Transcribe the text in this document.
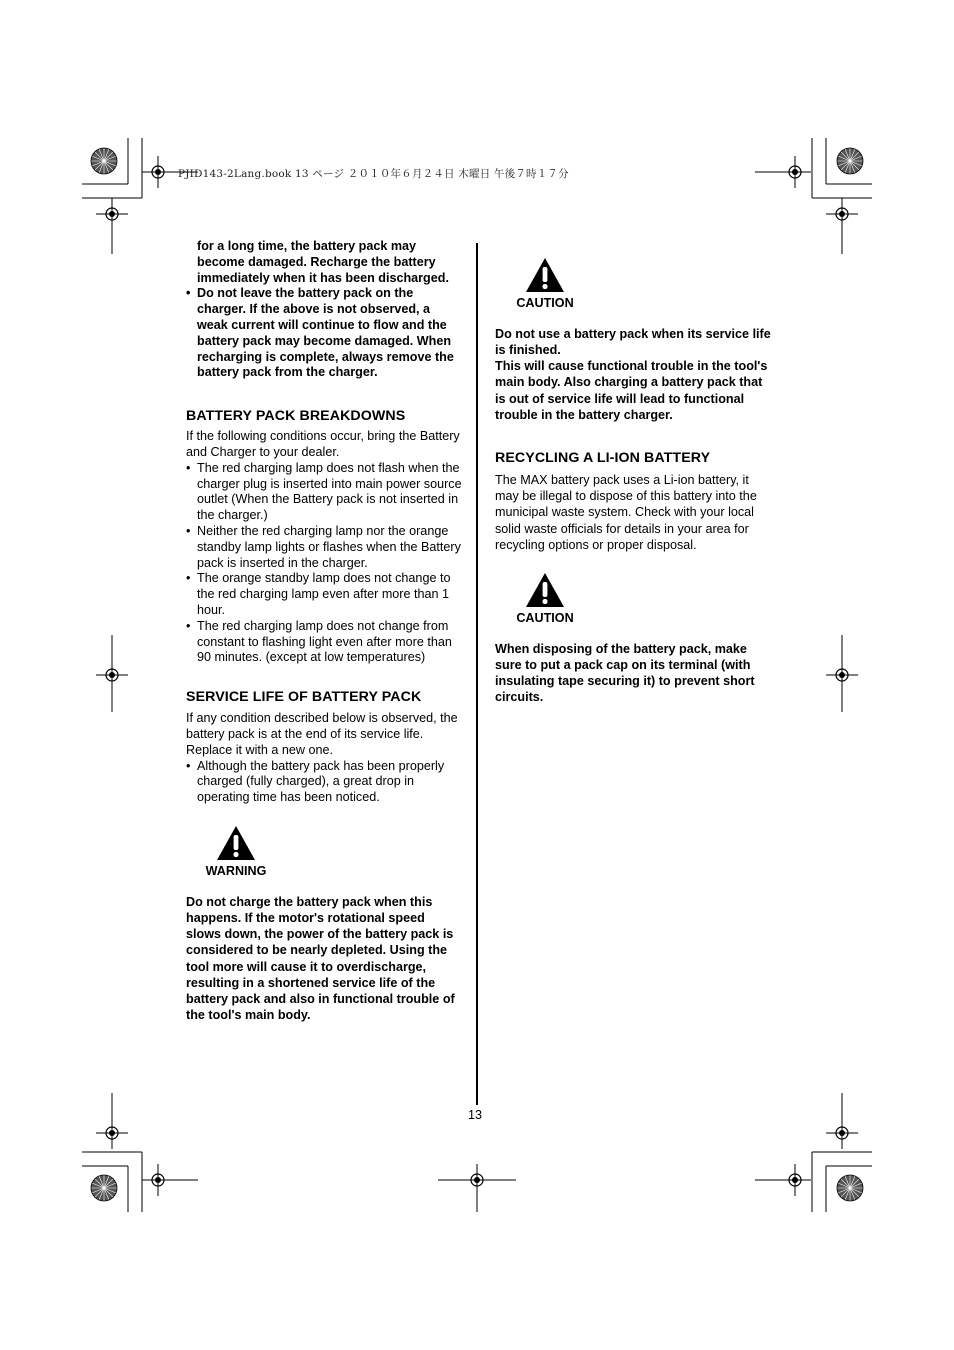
PJID143-2Lang.book 13 ページ ２０１０年６月２４日 木曜日 午後７時１７分

for a long time, the battery pack may become damaged. Recharge the battery immediately when it has been discharged.

• Do not leave the battery pack on the charger. If the above is not observed, a weak current will continue to flow and the battery pack may become damaged. When recharging is complete, always remove the battery pack from the charger.
BATTERY PACK BREAKDOWNS

If the following conditions occur, bring the Battery and Charger to your dealer.

• The red charging lamp does not flash when the charger plug is inserted into main power source outlet (When the Battery pack is not inserted in the charger.)
• Neither the red charging lamp nor the orange standby lamp lights or flashes when the Battery pack is inserted in the charger.
• The orange standby lamp does not change to the red charging lamp even after more than 1 hour.
• The red charging lamp does not change from constant to flashing light even after more than 90 minutes. (except at low temperatures)
SERVICE LIFE OF BATTERY PACK

If any condition described below is observed, the battery pack is at the end of its service life. Replace it with a new one.

• Although the battery pack has been properly charged (fully charged), a great drop in operating time has been noticed.
WARNING

Do not charge the battery pack when this happens. If the motor's rotational speed slows down, the power of the battery pack is considered to be nearly depleted. Using the tool more will cause it to overdischarge, resulting in a shortened service life of the battery pack and also in functional trouble of the tool's main body.

CAUTION

Do not use a battery pack when its service life is finished.

This will cause functional trouble in the tool's main body. Also charging a battery pack that is out of service life will lead to functional trouble in the battery charger.

RECYCLING A LI-ION BATTERY

The MAX battery pack uses a Li-ion battery, it may be illegal to dispose of this battery into the municipal waste system. Check with your local solid waste officials for details in your area for recycling options or proper disposal.

CAUTION

When disposing of the battery pack, make sure to put a pack cap on its terminal (with insulating tape securing it) to prevent short circuits.

13
